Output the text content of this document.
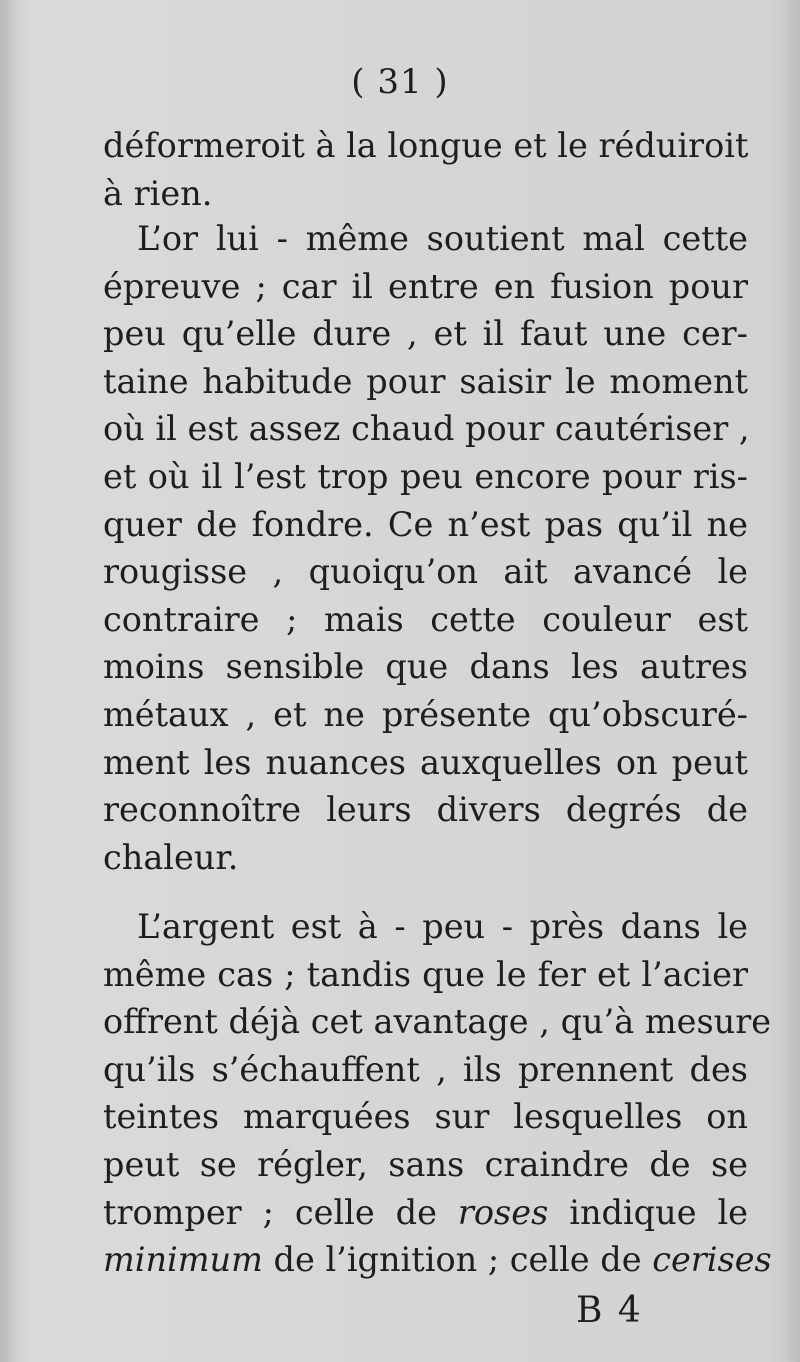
( 31 )
déformeroit à la longue et le réduiroit
à rien.
L’or lui - même soutient mal cette
épreuve ; car il entre en fusion pour
peu qu’elle dure , et il faut une cer-
taine habitude pour saisir le moment
où il est assez chaud pour cautériser ,
et où il l’est trop peu encore pour ris-
quer de fondre. Ce n’est pas qu’il ne
rougisse , quoiqu’on ait avancé le
contraire ; mais cette couleur est
moins sensible que dans les autres
métaux , et ne présente qu’obscuré-
ment les nuances auxquelles on peut
reconnoître leurs divers degrés de
chaleur.
L’argent est à - peu - près dans le
même cas ; tandis que le fer et l’acier
offrent déjà cet avantage , qu’à mesure
qu’ils s’échauffent , ils prennent des
teintes marquées sur lesquelles on
peut se régler, sans craindre de se
tromper ; celle de roses indique le
minimum de l’ignition ; celle de cerises
B 4
